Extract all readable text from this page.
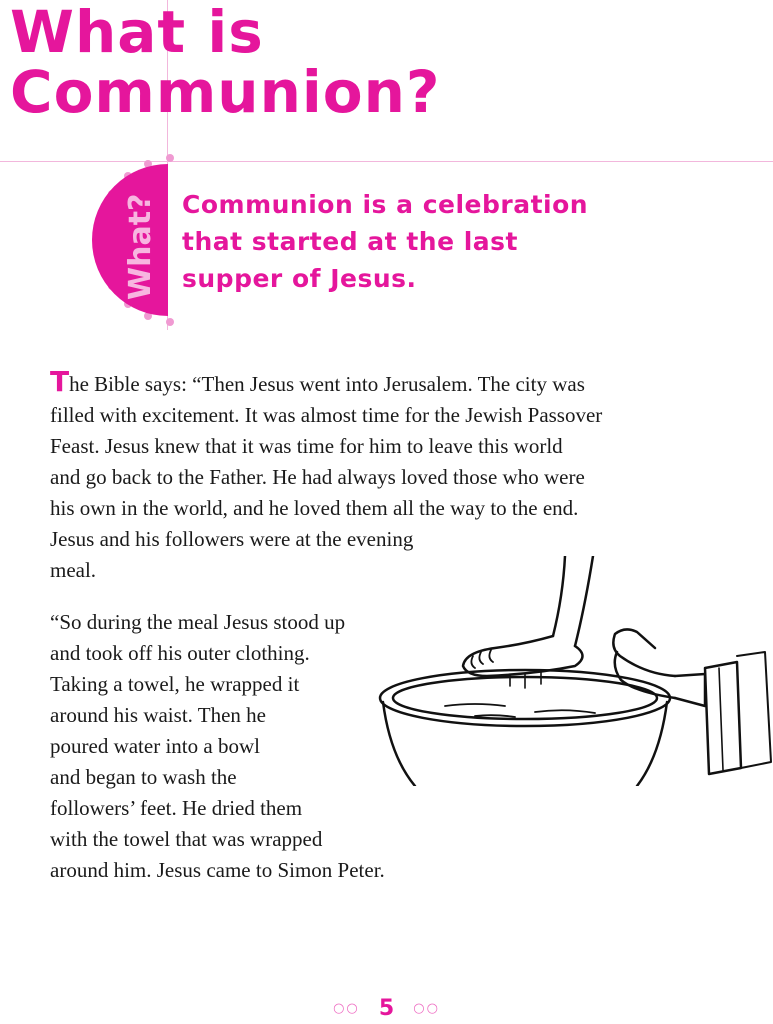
What is
Communion?
What? Communion is a celebration
that started at the last
supper of Jesus.
The Bible says: “Then Jesus went into Jerusalem. The city was
filled with excitement. It was almost time for the Jewish Passover
Feast. Jesus knew that it was time for him to leave this world
and go back to the Father. He had always loved those who were
his own in the world, and he loved them all the way to the end.
Jesus and his followers were at the evening
meal.
“So during the meal Jesus stood up
and took off his outer clothing.
Taking a towel, he wrapped it
around his waist. Then he
poured water into a bowl
and began to wash the
followers’ feet. He dried them
with the towel that was wrapped
around him. Jesus came to Simon Peter.
○○ 5 ○○
